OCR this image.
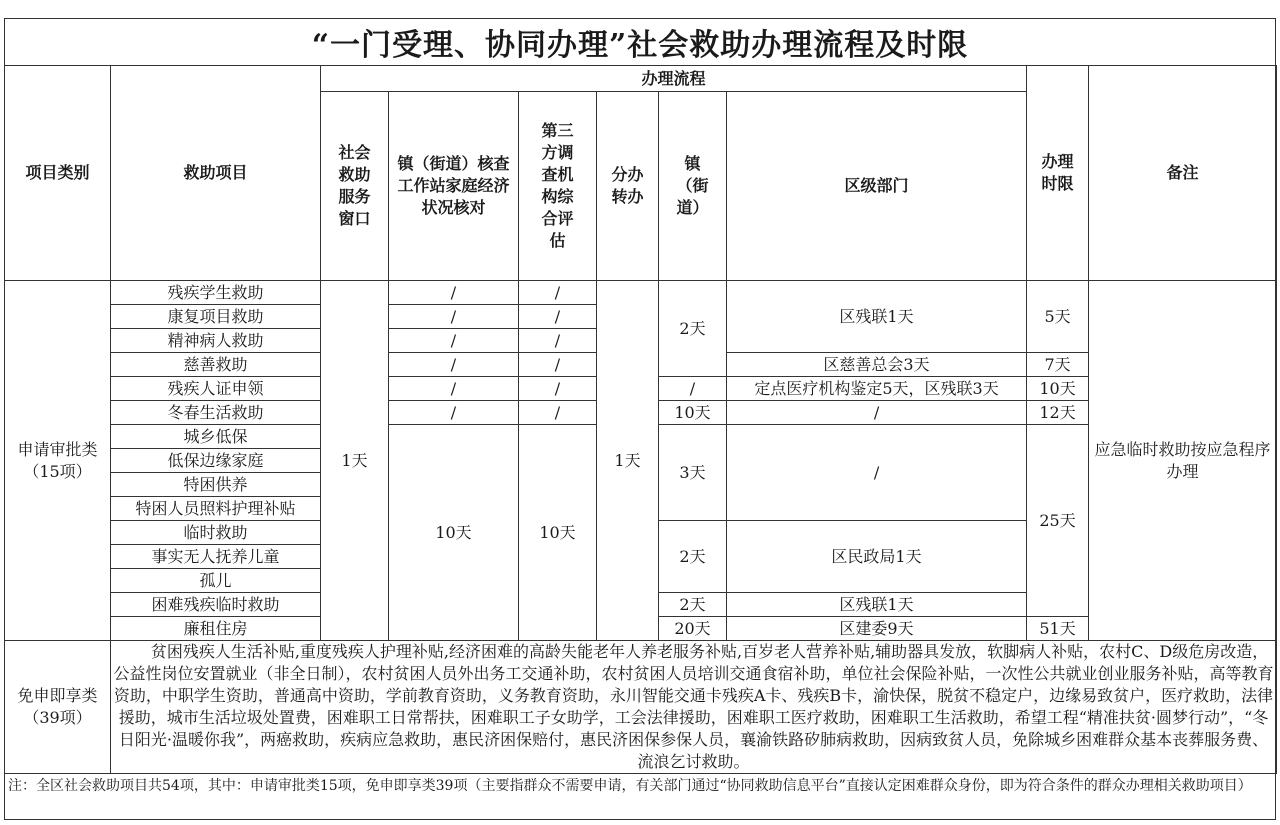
“一门受理、协同办理”社会救助办理流程及时限
项目类别	救助项目	办理流程						办理时限	备注
		社会救助服务窗口	镇（街道）核查工作站家庭经济状况核对	第三方调查机构综合评估	分办转办	镇（街道）	区级部门		
申请审批类（15项）	残疾学生救助	1天	/	/	1天	2天	区残联1天	5天	应急临时救助按应急程序办理
	康复项目救助		/	/					
	精神病人救助		/	/					
	慈善救助		/	/			区慈善总会3天	7天	
	残疾人证申领		/	/		/	定点医疗机构鉴定5天，区残联3天	10天	
	冬春生活救助		/	/		10天	/	12天	
	城乡低保		10天	10天		3天	/	25天	
	低保边缘家庭								
	特困供养								
	特困人员照料护理补贴								
	临时救助					2天	区民政局1天		
	事实无人抚养儿童								
	孤儿								
	困难残疾临时救助					2天	区残联1天		
	廉租住房					20天	区建委9天	51天	
免申即享类（39项）	贫困残疾人生活补贴,重度残疾人护理补贴,经济困难的高龄失能老年人养老服务补贴,百岁老人营养补贴,辅助器具发放，软脚病人补贴，农村C、D级危房改造，公益性岗位安置就业（非全日制），农村贫困人员外出务工交通补助，农村贫困人员培训交通食宿补助，单位社会保险补贴，一次性公共就业创业服务补贴，高等教育资助，中职学生资助，普通高中资助，学前教育资助，义务教育资助，永川智能交通卡残疾A卡、残疾B卡，渝快保，脱贫不稳定户，边缘易致贫户，医疗救助，法律援助，城市生活垃圾处置费，困难职工日常帮扶，困难职工子女助学，工会法律援助，困难职工医疗救助，困难职工生活救助，希望工程“精准扶贫·圆梦行动”，“冬日阳光·温暖你我”，两癌救助，疾病应急救助，惠民济困保赔付，惠民济困保参保人员，襄渝铁路矽肺病救助，因病致贫人员，免除城乡困难群众基本丧葬服务费、流浪乞讨救助。								
注：全区社会救助项目共54项，其中：申请审批类15项，免申即享类39项（主要指群众不需要申请，有关部门通过“协同救助信息平台”直接认定困难群众身份，即为符合条件的群众办理相关救助项目）
